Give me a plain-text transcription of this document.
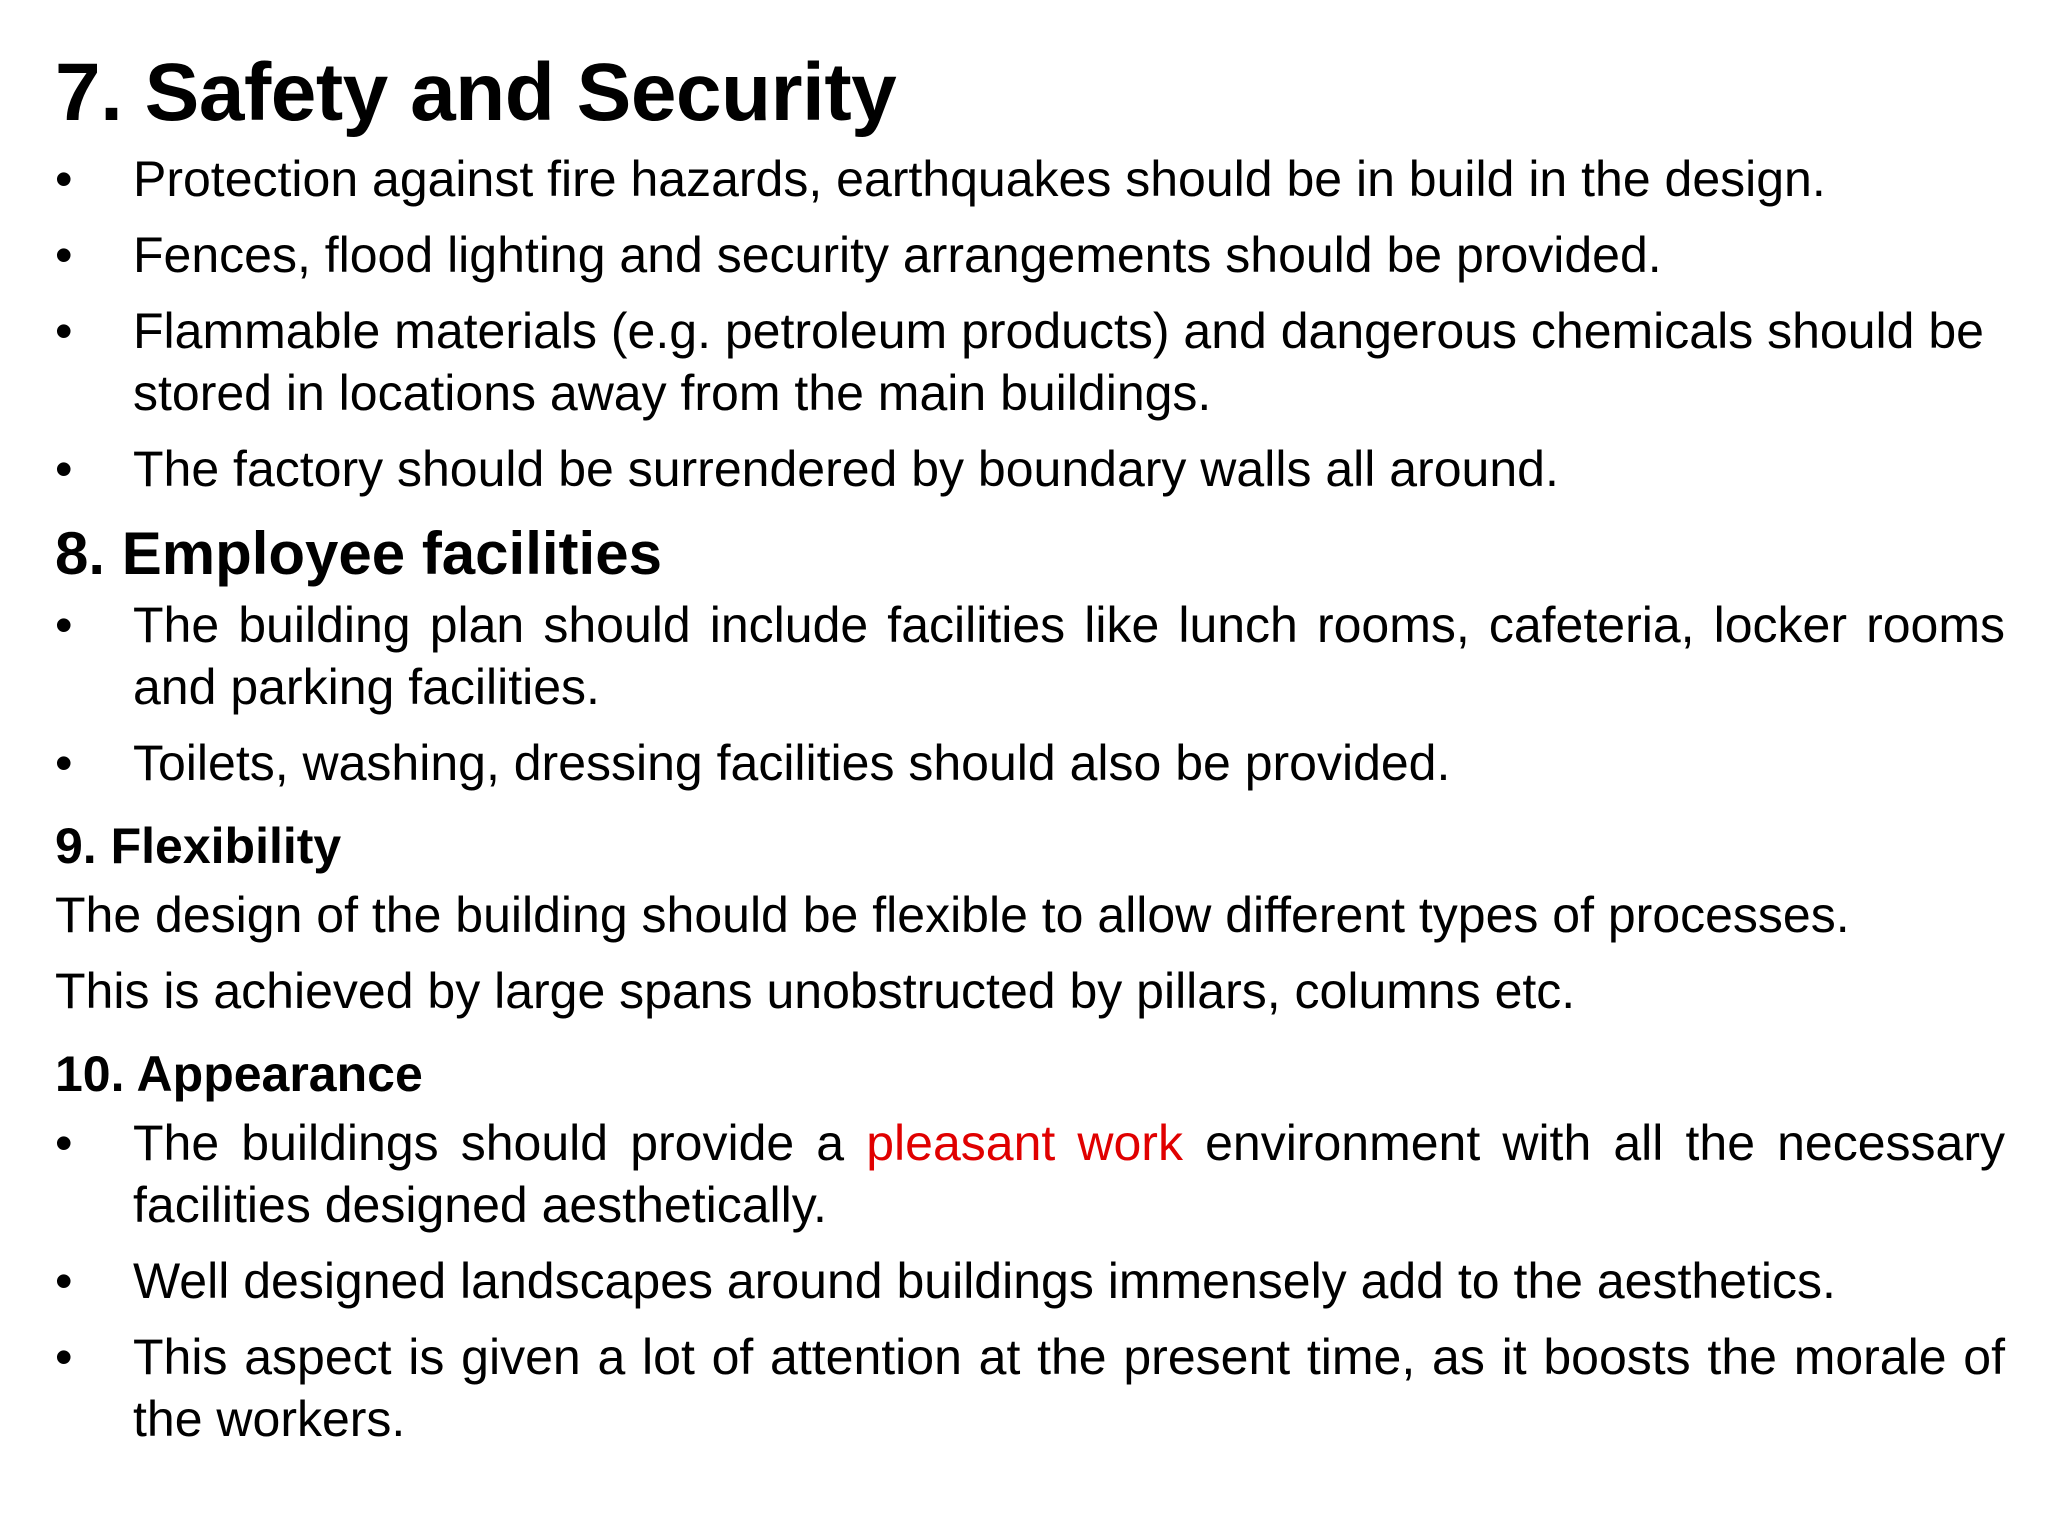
7. Safety and Security
• Protection against fire hazards, earthquakes should be in build in the design.
• Fences, flood lighting and security arrangements should be provided.
• Flammable materials (e.g. petroleum products) and dangerous chemicals should be stored in locations away from the main buildings.
• The factory should be surrendered by boundary walls all around.
8. Employee facilities
• The building plan should include facilities like lunch rooms, cafeteria, locker rooms and parking facilities.
• Toilets, washing, dressing facilities should also be provided.
9. Flexibility

The design of the building should be flexible to allow different types of processes.

This is achieved by large spans unobstructed by pillars, columns etc.

10. Appearance
• The buildings should provide a pleasant work environment with all the necessary facilities designed aesthetically.
• Well designed landscapes around buildings immensely add to the aesthetics.
• This aspect is given a lot of attention at the present time, as it boosts the morale of the workers.
